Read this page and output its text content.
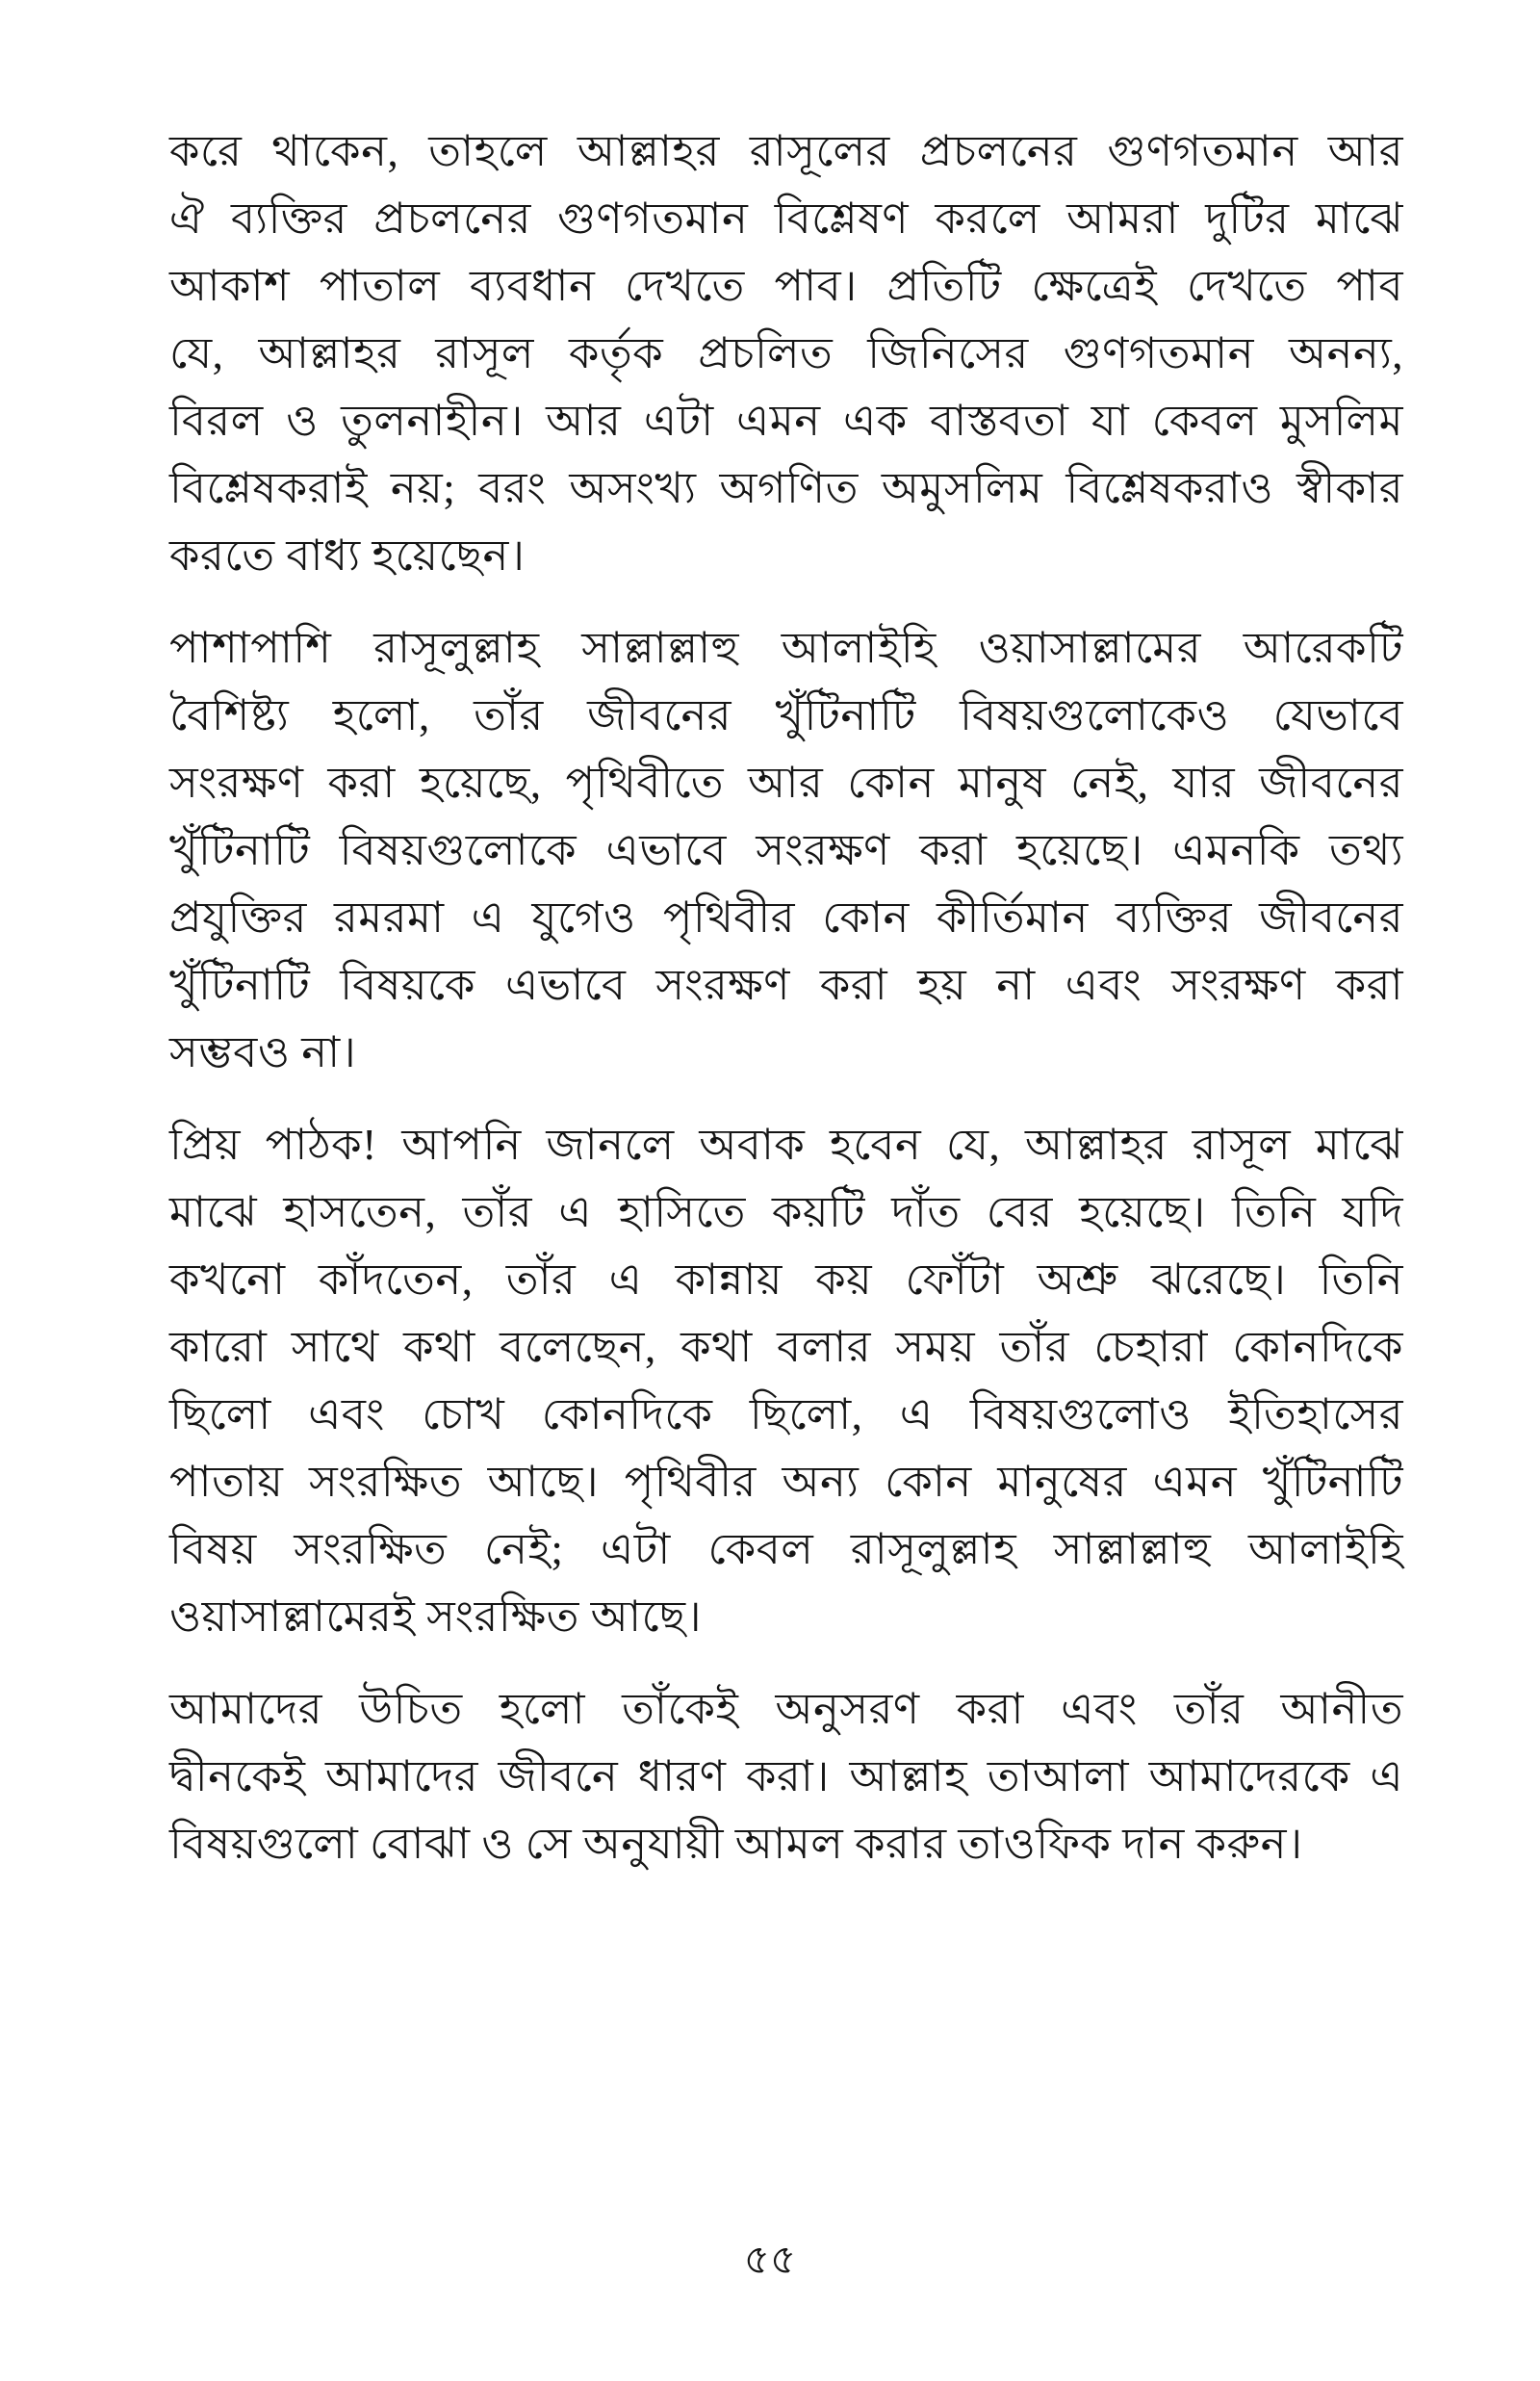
করে থাকেন, তাহলে আল্লাহর রাসূলের প্রচলনের গুণগতমান আর
ঐ ব্যক্তির প্রচলনের গুণগতমান বিশ্লেষণ করলে আমরা দুটির মাঝে
আকাশ পাতাল ব্যবধান দেখতে পাব। প্রতিটি ক্ষেত্রেই দেখতে পাব
যে, আল্লাহর রাসূল কর্তৃক প্রচলিত জিনিসের গুণগতমান অনন্য,
বিরল ও তুলনাহীন। আর এটা এমন এক বাস্তবতা যা কেবল মুসলিম
বিশ্লেষকরাই নয়; বরং অসংখ্য অগণিত অমুসলিম বিশ্লেষকরাও স্বীকার
করতে বাধ্য হয়েছেন।
পাশাপাশি রাসূলুল্লাহ সাল্লাল্লাহু আলাইহি ওয়াসাল্লামের আরেকটি
বৈশিষ্ট্য হলো, তাঁর জীবনের খুঁটিনাটি বিষয়গুলোকেও যেভাবে
সংরক্ষণ করা হয়েছে, পৃথিবীতে আর কোন মানুষ নেই, যার জীবনের
খুঁটিনাটি বিষয়গুলোকে এভাবে সংরক্ষণ করা হয়েছে। এমনকি তথ্য
প্রযুক্তির রমরমা এ যুগেও পৃথিবীর কোন কীর্তিমান ব্যক্তির জীবনের
খুঁটিনাটি বিষয়কে এভাবে সংরক্ষণ করা হয় না এবং সংরক্ষণ করা
সম্ভবও না।
প্রিয় পাঠক! আপনি জানলে অবাক হবেন যে, আল্লাহর রাসূল মাঝে
মাঝে হাসতেন, তাঁর এ হাসিতে কয়টি দাঁত বের হয়েছে। তিনি যদি
কখনো কাঁদতেন, তাঁর এ কান্নায় কয় ফোঁটা অশ্রু ঝরেছে। তিনি
কারো সাথে কথা বলেছেন, কথা বলার সময় তাঁর চেহারা কোনদিকে
ছিলো এবং চোখ কোনদিকে ছিলো, এ বিষয়গুলোও ইতিহাসের
পাতায় সংরক্ষিত আছে। পৃথিবীর অন্য কোন মানুষের এমন খুঁটিনাটি
বিষয় সংরক্ষিত নেই; এটা কেবল রাসূলুল্লাহ সাল্লাল্লাহু আলাইহি
ওয়াসাল্লামেরই সংরক্ষিত আছে।
আমাদের উচিত হলো তাঁকেই অনুসরণ করা এবং তাঁর আনীত
দ্বীনকেই আমাদের জীবনে ধারণ করা। আল্লাহ তাআলা আমাদেরকে এ
বিষয়গুলো বোঝা ও সে অনুযায়ী আমল করার তাওফিক দান করুন।
৫৫
